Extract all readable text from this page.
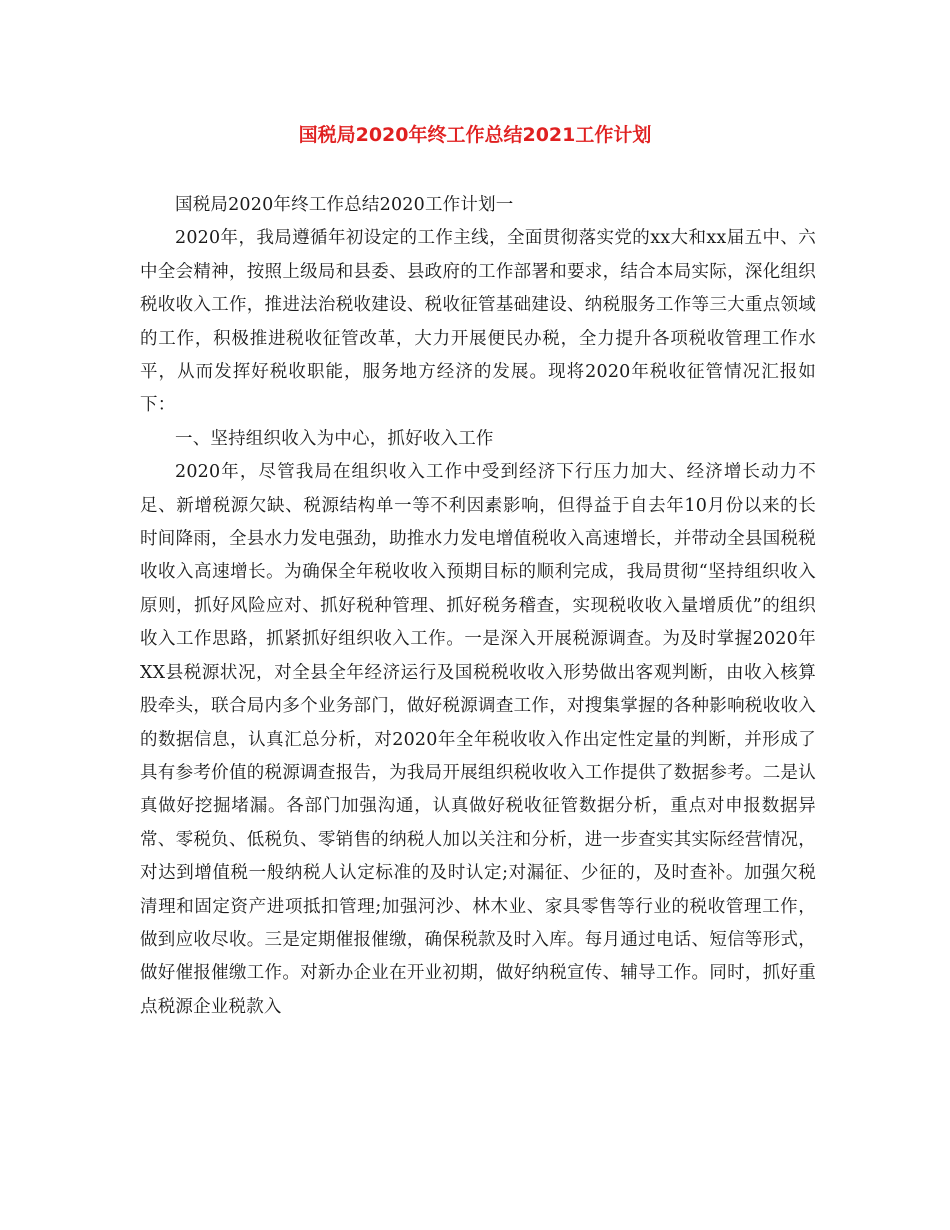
国税局2020年终工作总结2021工作计划

国税局2020年终工作总结2020工作计划一

2020年，我局遵循年初设定的工作主线，全面贯彻落实党的xx大和xx届五中、六中全会精神，按照上级局和县委、县政府的工作部署和要求，结合本局实际，深化组织税收收入工作，推进法治税收建设、税收征管基础建设、纳税服务工作等三大重点领域的工作，积极推进税收征管改革，大力开展便民办税，全力提升各项税收管理工作水平，从而发挥好税收职能，服务地方经济的发展。现将2020年税收征管情况汇报如下：

一、坚持组织收入为中心，抓好收入工作

2020年，尽管我局在组织收入工作中受到经济下行压力加大、经济增长动力不足、新增税源欠缺、税源结构单一等不利因素影响，但得益于自去年10月份以来的长时间降雨，全县水力发电强劲，助推水力发电增值税收入高速增长，并带动全县国税税收收入高速增长。为确保全年税收收入预期目标的顺利完成，我局贯彻“坚持组织收入原则，抓好风险应对、抓好税种管理、抓好税务稽查，实现税收收入量增质优”的组织收入工作思路，抓紧抓好组织收入工作。一是深入开展税源调查。为及时掌握2020年XX县税源状况，对全县全年经济运行及国税税收收入形势做出客观判断，由收入核算股牵头，联合局内多个业务部门，做好税源调查工作，对搜集掌握的各种影响税收收入的数据信息，认真汇总分析，对2020年全年税收收入作出定性定量的判断，并形成了具有参考价值的税源调查报告，为我局开展组织税收收入工作提供了数据参考。二是认真做好挖掘堵漏。各部门加强沟通，认真做好税收征管数据分析，重点对申报数据异常、零税负、低税负、零销售的纳税人加以关注和分析，进一步查实其实际经营情况，对达到增值税一般纳税人认定标准的及时认定;对漏征、少征的，及时查补。加强欠税清理和固定资产进项抵扣管理;加强河沙、林木业、家具零售等行业的税收管理工作，做到应收尽收。三是定期催报催缴，确保税款及时入库。每月通过电话、短信等形式，做好催报催缴工作。对新办企业在开业初期，做好纳税宣传、辅导工作。同时，抓好重点税源企业税款入
